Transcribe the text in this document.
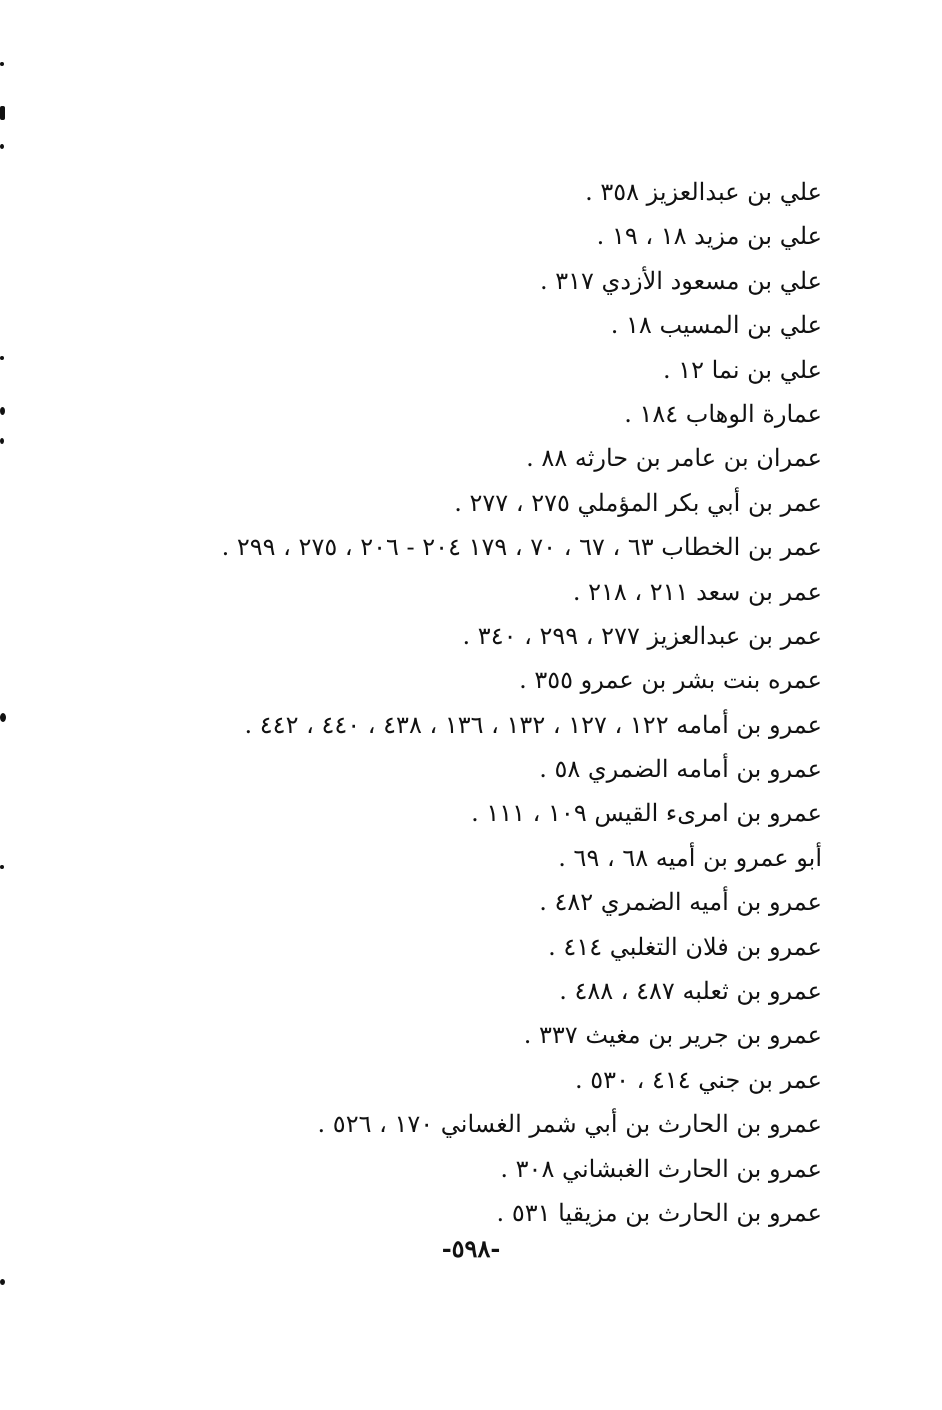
علي بن عبدالعزيز ٣٥٨ .
علي بن مزيد ١٨ ، ١٩ .
علي بن مسعود الأزدي ٣١٧ .
علي بن المسيب ١٨ .
علي بن نما ١٢ .
عمارة الوهاب ١٨٤ .
عمران بن عامر بن حارثه ٨٨ .
عمر بن أبي بكر المؤملي ٢٧٥ ، ٢٧٧ .
عمر بن الخطاب ٦٣ ، ٦٧ ، ٧٠ ، ١٧٩ ٢٠٤ - ٢٠٦ ، ٢٧٥ ، ٢٩٩ .
عمر بن سعد ٢١١ ، ٢١٨ .
عمر بن عبدالعزيز ٢٧٧ ، ٢٩٩ ، ٣٤٠ .
عمره بنت بشر بن عمرو ٣٥٥ .
عمرو بن أمامه ١٢٢ ، ١٢٧ ، ١٣٢ ، ١٣٦ ، ٤٣٨ ، ٤٤٠ ، ٤٤٢ .
عمرو بن أمامه الضمري ٥٨ .
عمرو بن امرىء القيس ١٠٩ ، ١١١ .
أبو عمرو بن أميه ٦٨ ، ٦٩ .
عمرو بن أميه الضمري ٤٨٢ .
عمرو بن فلان التغلبي ٤١٤ .
عمرو بن ثعلبه ٤٨٧ ، ٤٨٨ .
عمرو بن جرير بن مغيث ٣٣٧ .
عمر بن جني ٤١٤ ، ٥٣٠ .
عمرو بن الحارث بن أبي شمر الغساني ١٧٠ ، ٥٢٦ .
عمرو بن الحارث الغبشاني ٣٠٨ .
عمرو بن الحارث بن مزيقيا ٥٣١ .
-٥٩٨-
